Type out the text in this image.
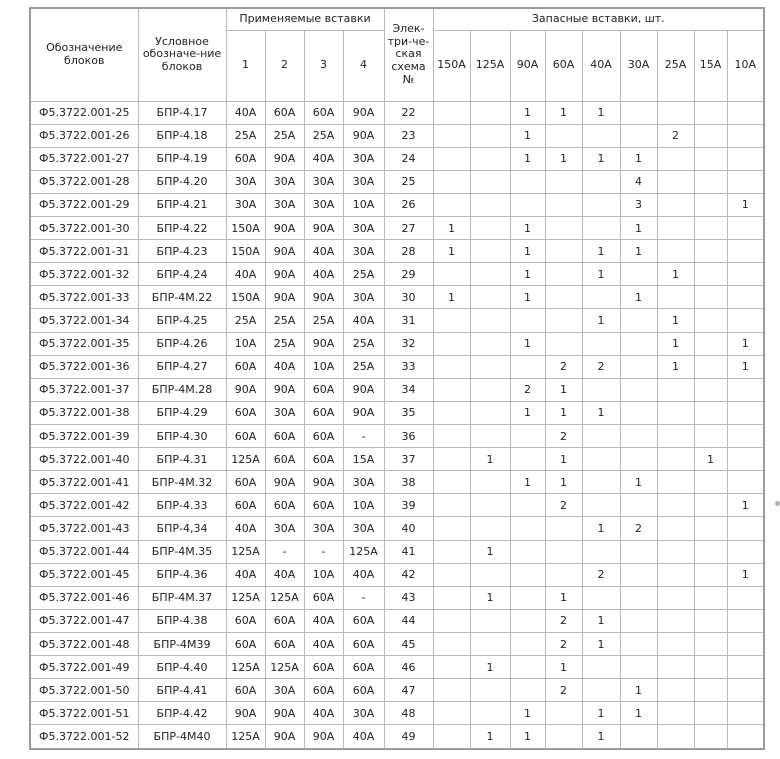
Обозначение блоков	Условное обозначе-ние блоков	Применяемые вставки				Элек-три-че-ская схема №	Запасные вставки, шт.								
		1	2	3	4		150А	125А	90А	60А	40А	30А	25А	15А	10А
Ф5.3722.001-25	БПР-4.17	40А	60А	60А	90А	22			1	1	1				
Ф5.3722.001-26	БПР-4.18	25А	25А	25А	90А	23			1				2		
Ф5.3722.001-27	БПР-4.19	60А	90А	40А	30А	24			1	1	1	1			
Ф5.3722.001-28	БПР-4.20	30А	30А	30А	30А	25						4			
Ф5.3722.001-29	БПР-4.21	30А	30А	30А	10А	26						3			1
Ф5.3722.001-30	БПР-4.22	150А	90А	90А	30А	27	1		1			1			
Ф5.3722.001-31	БПР-4.23	150А	90А	40А	30А	28	1		1		1	1			
Ф5.3722.001-32	БПР-4.24	40А	90А	40А	25А	29			1		1		1		
Ф5.3722.001-33	БПР-4М.22	150А	90А	90А	30А	30	1		1			1			
Ф5.3722.001-34	БПР-4.25	25А	25А	25А	40А	31					1		1		
Ф5.3722.001-35	БПР-4.26	10А	25А	90А	25А	32			1				1		1
Ф5.3722.001-36	БПР-4.27	60А	40А	10А	25А	33				2	2		1		1
Ф5.3722.001-37	БПР-4М.28	90А	90А	60А	90А	34			2	1					
Ф5.3722.001-38	БПР-4.29	60А	30А	60А	90А	35			1	1	1				
Ф5.3722.001-39	БПР-4.30	60А	60А	60А	-	36				2					
Ф5.3722.001-40	БПР-4.31	125А	60А	60А	15А	37		1		1				1	
Ф5.3722.001-41	БПР-4М.32	60А	90А	90А	30А	38			1	1		1			
Ф5.3722.001-42	БПР-4.33	60А	60А	60А	10А	39				2					1
Ф5.3722.001-43	БПР-4,34	40А	30А	30А	30А	40					1	2			
Ф5.3722.001-44	БПР-4М.35	125А	-	-	125А	41		1							
Ф5.3722.001-45	БПР-4.36	40А	40А	10А	40А	42					2				1
Ф5.3722.001-46	БПР-4М.37	125А	125А	60А	-	43		1		1					
Ф5.3722.001-47	БПР-4.38	60А	60А	40А	60А	44				2	1				
Ф5.3722.001-48	БПР-4М39	60А	60А	40А	60А	45				2	1				
Ф5.3722.001-49	БПР-4.40	125А	125А	60А	60А	46		1		1					
Ф5.3722.001-50	БПР-4.41	60А	30А	60А	60А	47				2		1			
Ф5.3722.001-51	БПР-4.42	90А	90А	40А	30А	48			1		1	1			
Ф5.3722.001-52	БПР-4М40	125А	90А	90А	40А	49		1	1		1				
